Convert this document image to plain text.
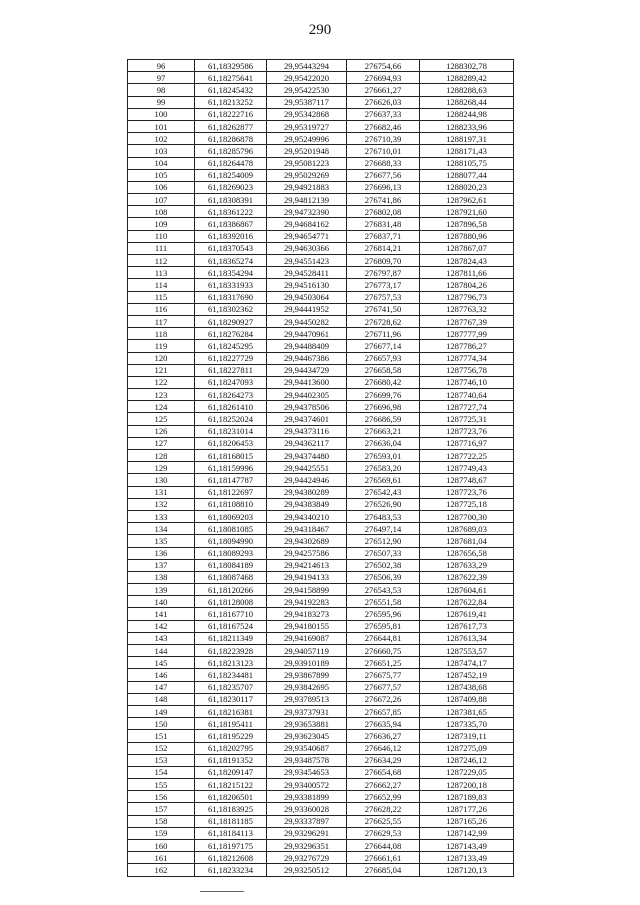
290
96	61,18329586	29,95443294	276754,66	1288302,78
97	61,18275641	29,95422020	276694,93	1288289,42
98	61,18245432	29,95422530	276661,27	1288288,63
99	61,18213252	29,95387117	276626,03	1288268,44
100	61,18222716	29,95342868	276637,33	1288244,98
101	61,18262877	29,95319727	276682,46	1288233,96
102	61,18286878	29,95249996	276710,39	1288197,31
103	61,18285796	29,95201948	276710,01	1288171,43
104	61,18264478	29,95081223	276688,33	1288105,75
105	61,18254009	29,95029269	276677,56	1288077,44
106	61,18269023	29,94921883	276696,13	1288020,23
107	61,18308391	29,94812139	276741,86	1287962,61
108	61,18361222	29,94732390	276802,08	1287921,60
109	61,18386867	29,94684162	276831,48	1287896,58
110	61,18392016	29,94654771	276837,71	1287880,96
111	61,18370543	29,94630366	276814,21	1287867,07
112	61,18365274	29,94551423	276809,70	1287824,43
113	61,18354294	29,94528411	276797,87	1287811,66
114	61,18331933	29,94516130	276773,17	1287804,26
115	61,18317690	29,94503064	276757,53	1287796,73
116	61,18302362	29,94441952	276741,50	1287763,32
117	61,18290927	29,94450282	276728,62	1287767,39
118	61,18276284	29,94470961	276711,96	1287777,99
119	61,18245295	29,94488409	276677,14	1287786,27
120	61,18227729	29,94467386	276657,93	1287774,34
121	61,18227811	29,94434729	276658,58	1287756,78
122	61,18247093	29,94413600	276680,42	1287746,10
123	61,18264273	29,94402305	276699,76	1287740,64
124	61,18261410	29,94378506	276696,98	1287727,74
125	61,18252024	29,94374601	276686,59	1287725,31
126	61,18231014	29,94373116	276663,21	1287723,76
127	61,18206453	29,94362117	276636,04	1287716,97
128	61,18168015	29,94374480	276593,01	1287722,25
129	61,18159996	29,94425551	276583,20	1287749,43
130	61,18147787	29,94424946	276569,61	1287748,67
131	61,18122697	29,94380289	276542,43	1287723,76
132	61,18108810	29,94383849	276526,90	1287725,18
133	61,18069203	29,94340210	276483,53	1287700,30
134	61,18081085	29,94318467	276497,14	1287689,03
135	61,18094990	29,94302689	276512,90	1287681,04
136	61,18089293	29,94257586	276507,33	1287656,58
137	61,18084189	29,94214613	276502,38	1287633,29
138	61,18087468	29,94194133	276506,39	1287622,39
139	61,18120266	29,94158899	276543,53	1287604,61
140	61,18128008	29,94192283	276551,58	1287622,84
141	61,18167710	29,94183273	276595,96	1287619,41
142	61,18167524	29,94180155	276595,81	1287617,73
143	61,18211349	29,94169087	276644,81	1287613,34
144	61,18223928	29,94057119	276660,75	1287553,57
145	61,18213123	29,93910189	276651,25	1287474,17
146	61,18234481	29,93867899	276675,77	1287452,19
147	61,18235707	29,93842695	276677,57	1287438,68
148	61,18230117	29,93789513	276672,26	1287409,88
149	61,18216381	29,93737931	276657,85	1287381,65
150	61,18195411	29,93653881	276635,94	1287335,70
151	61,18195229	29,93623045	276636,27	1287319,11
152	61,18202795	29,93540687	276646,12	1287275,09
153	61,18191352	29,93487578	276634,29	1287246,12
154	61,18209147	29,93454653	276654,68	1287229,05
155	61,18215122	29,93400572	276662,27	1287200,18
156	61,18206501	29,93381899	276652,99	1287189,83
157	61,18183925	29,93360028	276628,22	1287177,26
158	61,18181185	29,93337897	276625,55	1287165,26
159	61,18184113	29,93296291	276629,53	1287142,99
160	61,18197175	29,93296351	276644,08	1287143,49
161	61,18212608	29,93276729	276661,61	1287133,49
162	61,18233234	29,93250512	276685,04	1287120,13
